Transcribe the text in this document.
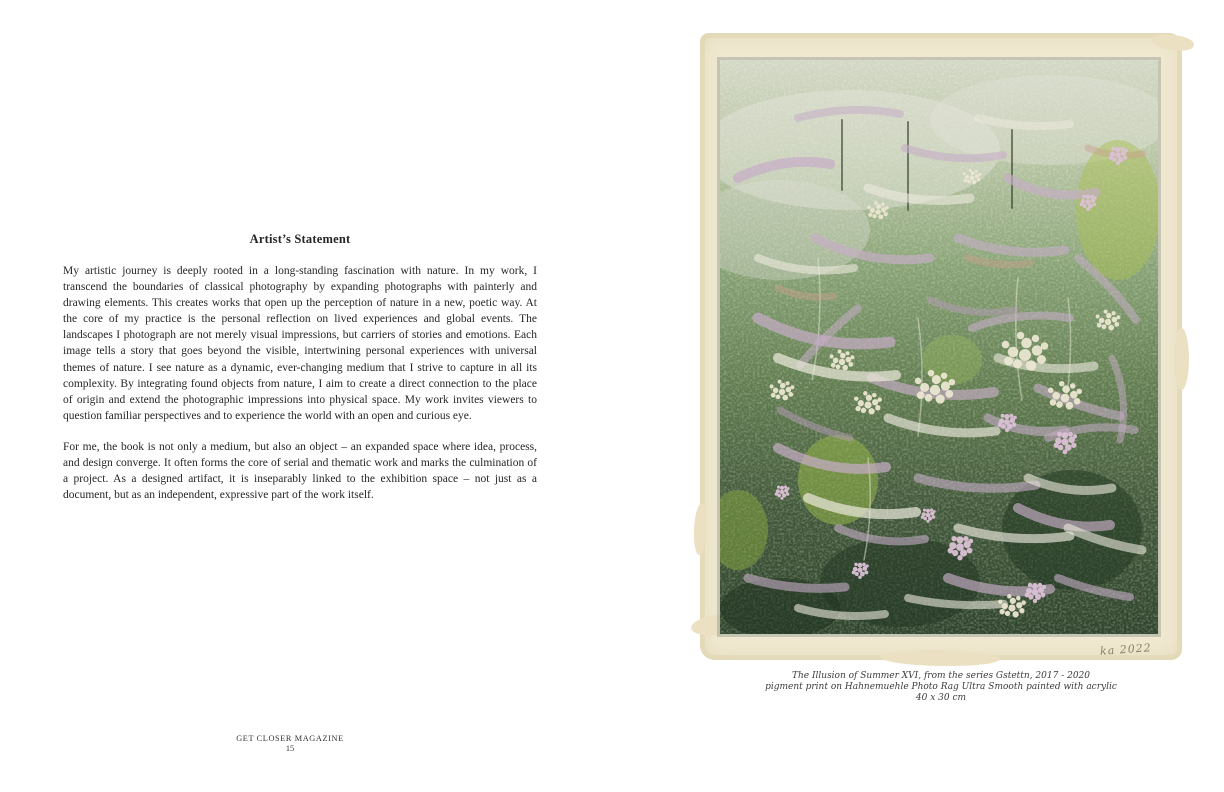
Artist’s Statement

My artistic journey is deeply rooted in a long-standing fascination with nature. In my work, I transcend the boundaries of classical photography by expanding photographs with painterly and drawing elements. This creates works that open up the perception of nature in a new, poetic way. At the core of my practice is the personal reflection on lived experiences and global events. The landscapes I photograph are not merely visual impressions, but carriers of stories and emotions. Each image tells a story that goes beyond the visible, intertwining personal experiences with universal themes of nature. I see nature as a dynamic, ever-changing medium that I strive to capture in all its complexity. By integrating found objects from nature, I aim to create a direct connection to the place of origin and extend the photographic impressions into physical space. My work invites viewers to question familiar perspectives and to experience the world with an open and curious eye.

For me, the book is not only a medium, but also an object – an expanded space where idea, process, and design converge. It often forms the core of serial and thematic work and marks the culmination of a project. As a designed artifact, it is inseparably linked to the exhibition space – not just as a document, but as an independent, expressive part of the work itself.

GET CLOSER MAGAZINE
15
ka 2022
The Illusion of Summer XVI, from the series Gstettn, 2017 - 2020
pigment print on Hahnemuehle Photo Rag Ultra Smooth painted with acrylic
40 x 30 cm
